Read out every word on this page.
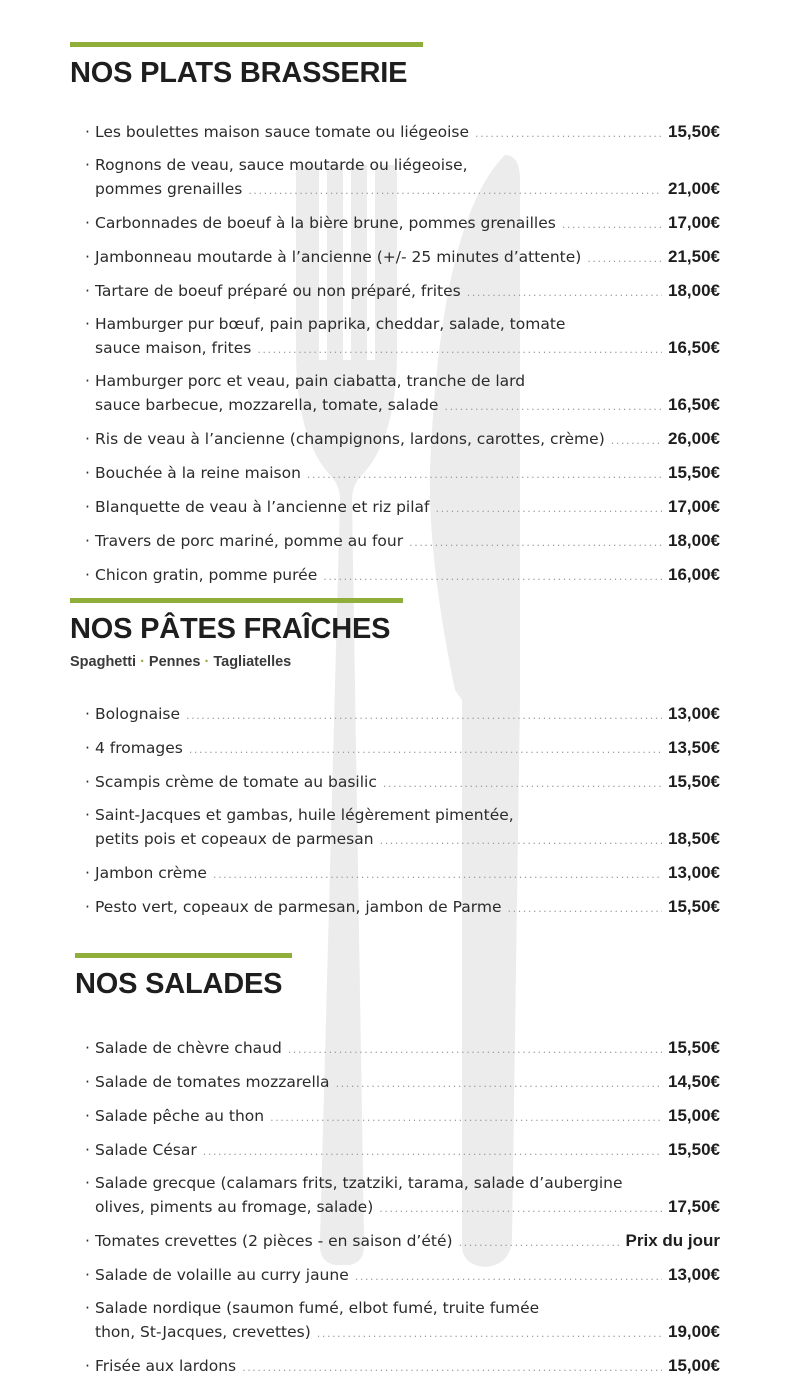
NOS PLATS BRASSERIE
· Les boulettes maison sauce tomate ou liégeoise .....	15,50€
· Rognons de veau, sauce moutarde ou liégeoise,
pommes grenailles .....	21,00€
· Carbonnades de boeuf à la bière brune, pommes grenailles .....	17,00€
· Jambonneau moutarde à l’ancienne (+/- 25 minutes d’attente) .....	21,50€
· Tartare de boeuf préparé ou non préparé, frites .....	18,00€
· Hamburger pur bœuf, pain paprika, cheddar, salade, tomate
sauce maison, frites .....	16,50€
· Hamburger porc et veau, pain ciabatta, tranche de lard
sauce barbecue, mozzarella, tomate, salade .....	16,50€
· Ris de veau à l’ancienne (champignons, lardons, carottes, crème) .....	26,00€
· Bouchée à la reine maison .....	15,50€
· Blanquette de veau à l’ancienne et riz pilaf .....	17,00€
· Travers de porc mariné, pomme au four .....	18,00€
· Chicon gratin, pomme purée .....	16,00€
NOS PÂTES FRAÎCHES
Spaghetti · Pennes · Tagliatelles
· Bolognaise .....	13,00€
· 4 fromages .....	13,50€
· Scampis crème de tomate au basilic .....	15,50€
· Saint-Jacques et gambas, huile légèrement pimentée,
petits pois et copeaux de parmesan .....	18,50€
· Jambon crème .....	13,00€
· Pesto vert, copeaux de parmesan, jambon de Parme .....	15,50€
NOS SALADES
· Salade de chèvre chaud .....	15,50€
· Salade de tomates mozzarella .....	14,50€
· Salade pêche au thon .....	15,00€
· Salade César .....	15,50€
· Salade grecque (calamars frits, tzatziki, tarama, salade d’aubergine
olives, piments au fromage, salade) .....	17,50€
· Tomates crevettes (2 pièces - en saison d’été) .....	Prix du jour
· Salade de volaille au curry jaune .....	13,00€
· Salade nordique (saumon fumé, elbot fumé, truite fumée
thon, St-Jacques, crevettes) .....	19,00€
· Frisée aux lardons .....	15,00€
